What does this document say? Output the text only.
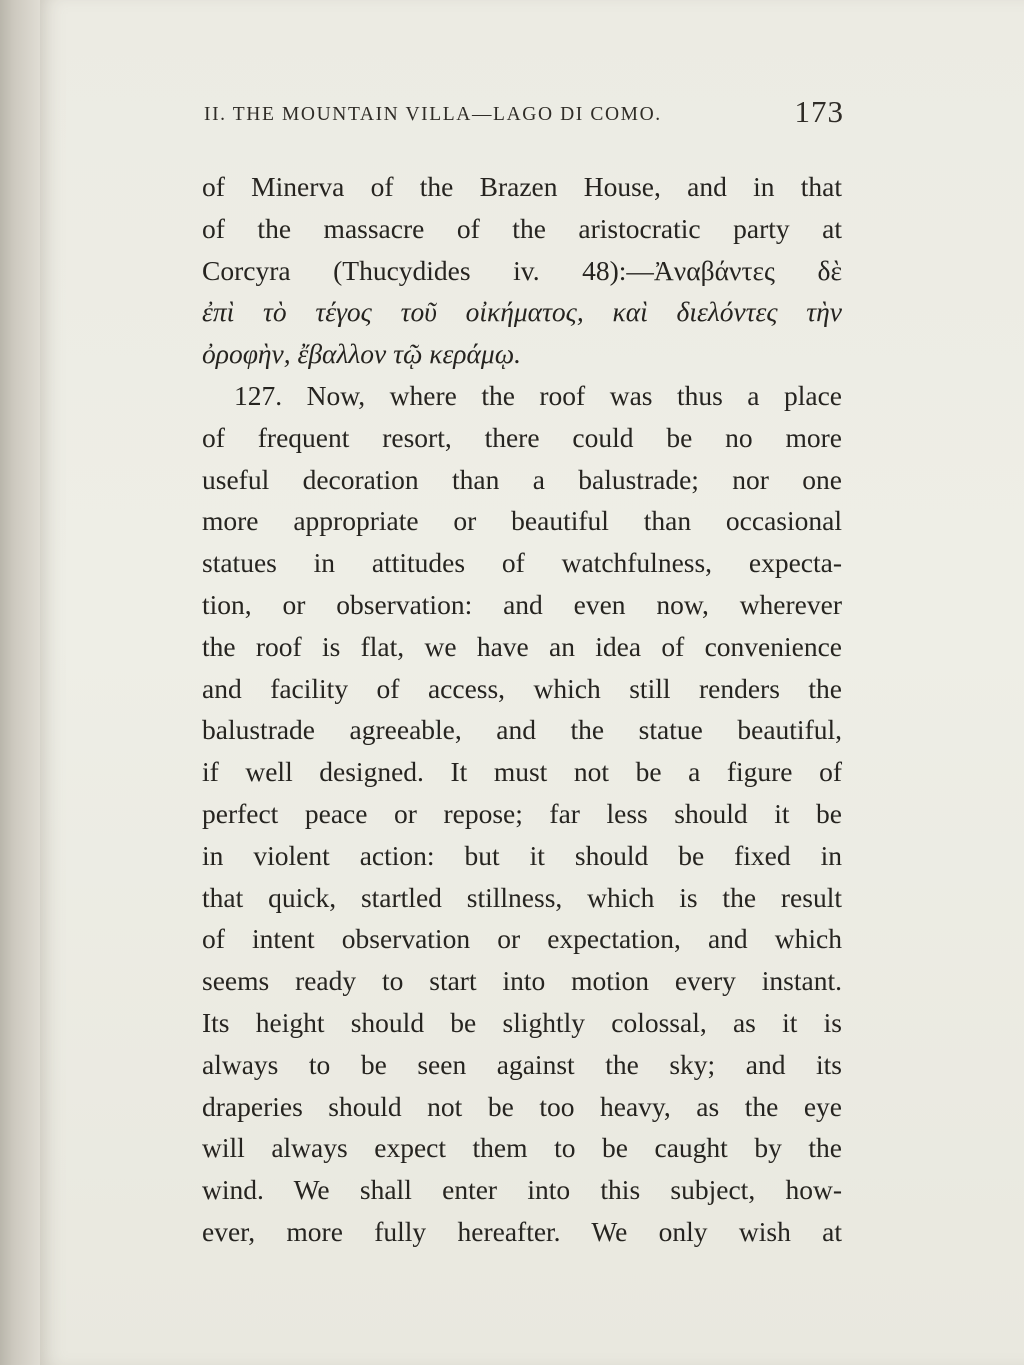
II. THE MOUNTAIN VILLA—LAGO DI COMO.	173
of Minerva of the Brazen House, and in that
of the massacre of the aristocratic party at
Corcyra (Thucydides iv. 48):—Ἀναβάντες δὲ
ἐπὶ τὸ τέγος τοῦ οἰκήματος, καὶ διελόντες τὴν
ὀροφὴν, ἔβαλλον τῷ κεράμῳ.
127. Now, where the roof was thus a place
of frequent resort, there could be no more
useful decoration than a balustrade; nor one
more appropriate or beautiful than occasional
statues in attitudes of watchfulness, expecta-
tion, or observation: and even now, wherever
the roof is flat, we have an idea of convenience
and facility of access, which still renders the
balustrade agreeable, and the statue beautiful,
if well designed. It must not be a figure of
perfect peace or repose; far less should it be
in violent action: but it should be fixed in
that quick, startled stillness, which is the result
of intent observation or expectation, and which
seems ready to start into motion every instant.
Its height should be slightly colossal, as it is
always to be seen against the sky; and its
draperies should not be too heavy, as the eye
will always expect them to be caught by the
wind. We shall enter into this subject, how-
ever, more fully hereafter. We only wish at
